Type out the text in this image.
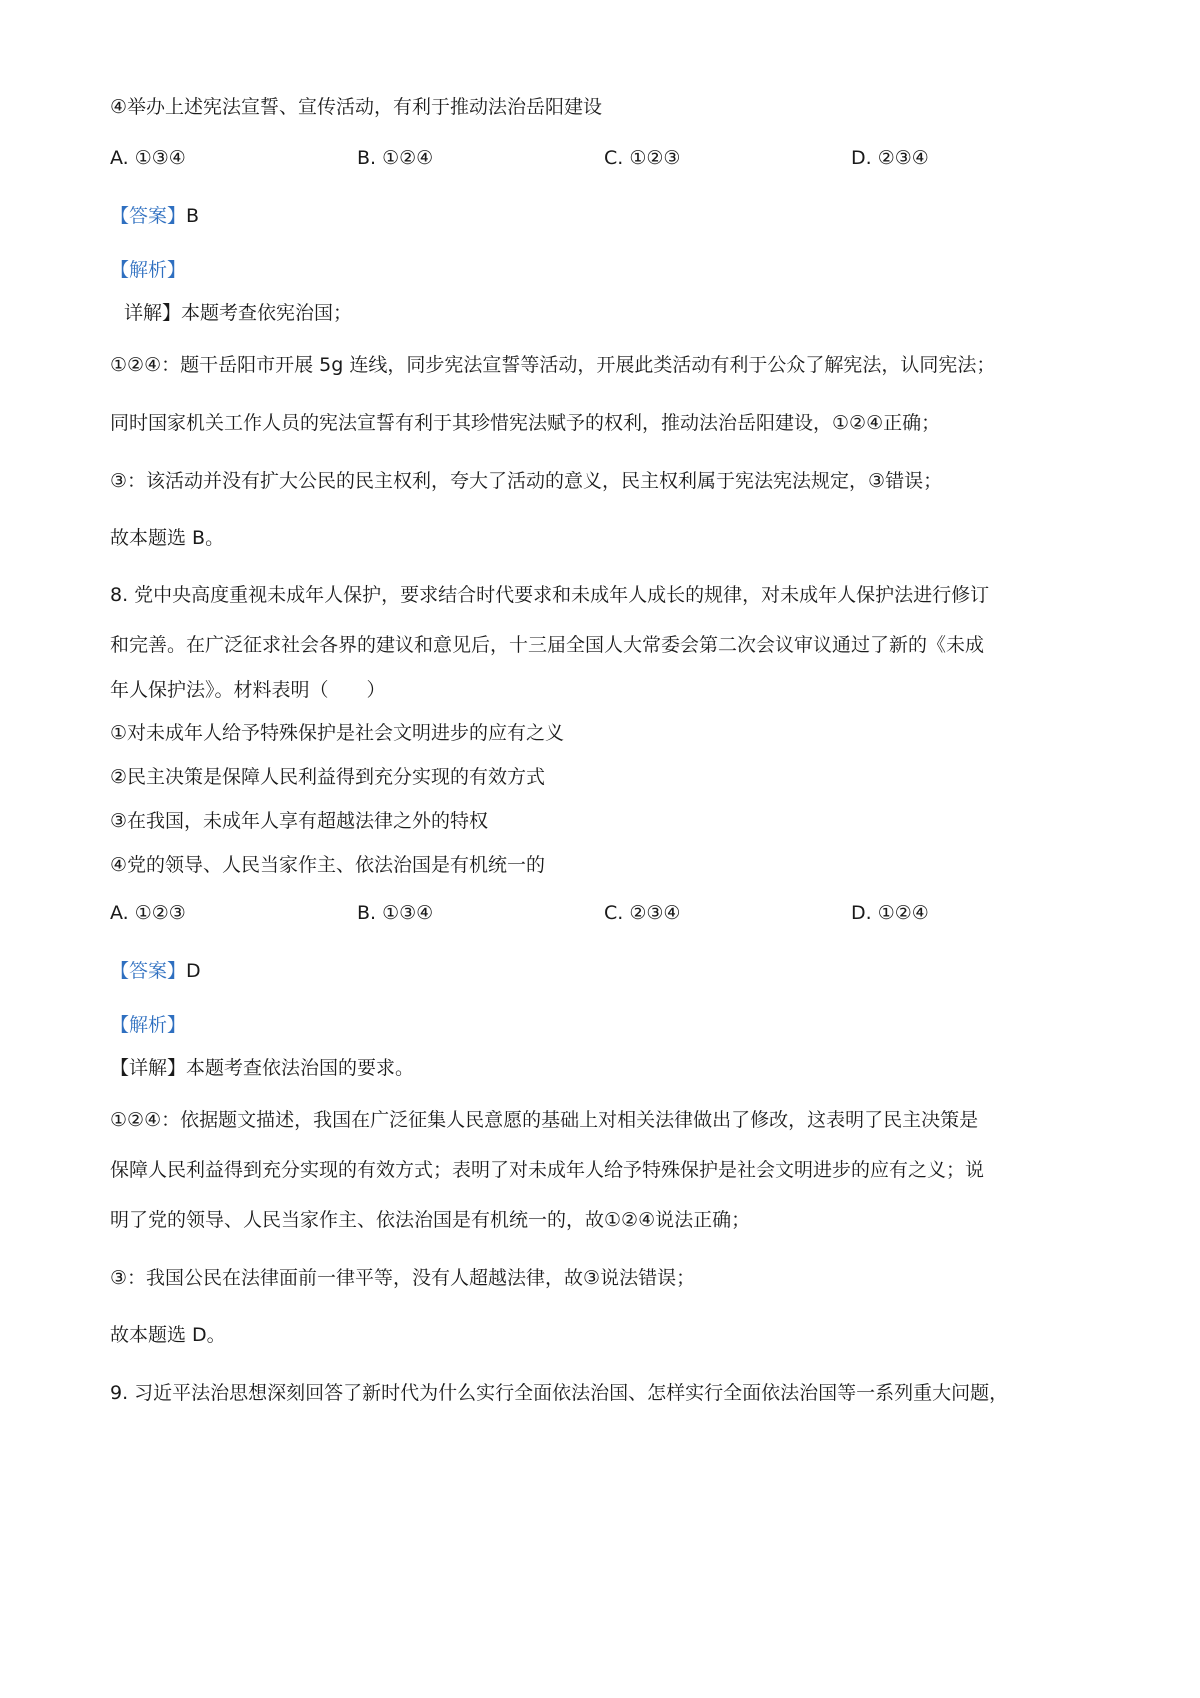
④举办上述宪法宣誓、宣传活动，有利于推动法治岳阳建设
A. ①③④	B. ①②④	C. ①②③	D. ②③④
【答案】B
【解析】
详解】本题考查依宪治国；
①②④：题干岳阳市开展 5g 连线，同步宪法宣誓等活动，开展此类活动有利于公众了解宪法，认同宪法；
同时国家机关工作人员的宪法宣誓有利于其珍惜宪法赋予的权利，推动法治岳阳建设，①②④正确；
③：该活动并没有扩大公民的民主权利，夸大了活动的意义，民主权利属于宪法宪法规定，③错误；
故本题选 B。
8. 党中央高度重视未成年人保护，要求结合时代要求和未成年人成长的规律，对未成年人保护法进行修订
和完善。在广泛征求社会各界的建议和意见后，十三届全国人大常委会第二次会议审议通过了新的《未成
年人保护法》。材料表明（　　）
①对未成年人给予特殊保护是社会文明进步的应有之义
②民主决策是保障人民利益得到充分实现的有效方式
③在我国，未成年人享有超越法律之外的特权
④党的领导、人民当家作主、依法治国是有机统一的
A. ①②③	B. ①③④	C. ②③④	D. ①②④
【答案】D
【解析】
【详解】本题考查依法治国的要求。
①②④：依据题文描述，我国在广泛征集人民意愿的基础上对相关法律做出了修改，这表明了民主决策是
保障人民利益得到充分实现的有效方式；表明了对未成年人给予特殊保护是社会文明进步的应有之义；说
明了党的领导、人民当家作主、依法治国是有机统一的，故①②④说法正确；
③：我国公民在法律面前一律平等，没有人超越法律，故③说法错误；
故本题选 D。
9. 习近平法治思想深刻回答了新时代为什么实行全面依法治国、怎样实行全面依法治国等一系列重大问题，
